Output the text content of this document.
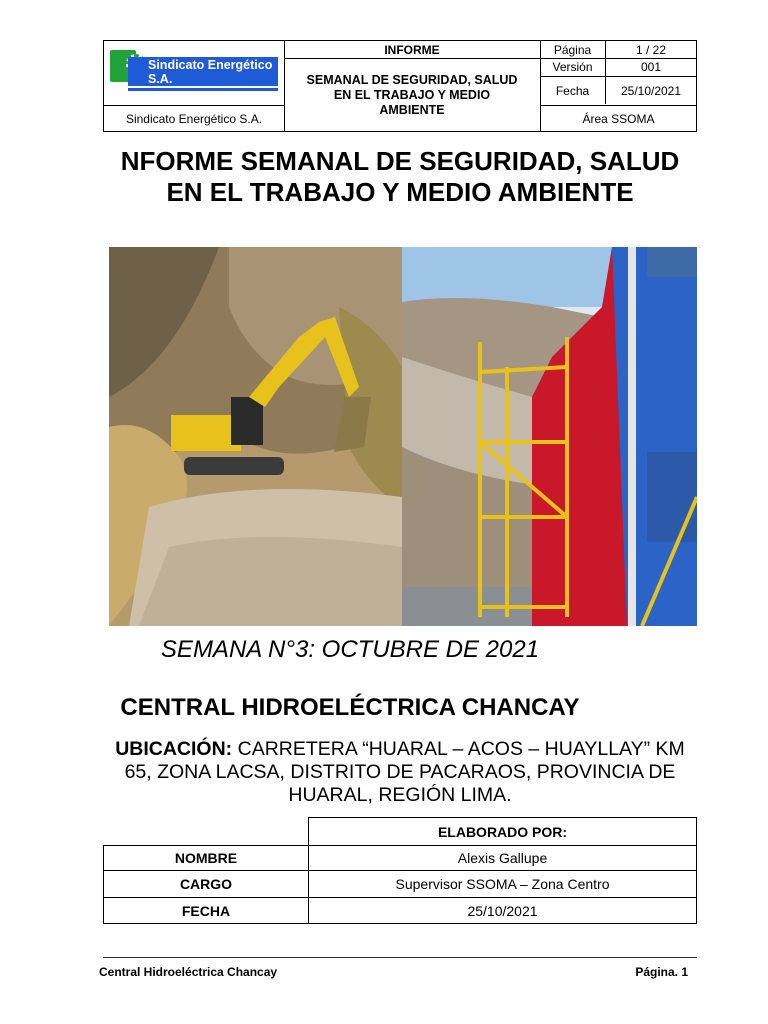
Sindicato Energético S.A.
Sindicato Energético S.A.
INFORME
SEMANAL DE SEGURIDAD, SALUD EN EL TRABAJO Y MEDIO AMBIENTE
Página	1 / 22
Versión	001
Fecha	25/10/2021
Área SSOMA
NFORME SEMANAL DE SEGURIDAD, SALUD EN EL TRABAJO Y MEDIO AMBIENTE
SEMANA N°3: OCTUBRE DE 2021
CENTRAL HIDROELÉCTRICA CHANCAY
UBICACIÓN: CARRETERA “HUARAL – ACOS – HUAYLLAY” KM 65, ZONA LACSA, DISTRITO DE PACARAOS, PROVINCIA DE HUARAL, REGIÓN LIMA.
ELABORADO POR:
NOMBRE	Alexis Gallupe
CARGO	Supervisor SSOMA – Zona Centro
FECHA	25/10/2021
Central Hidroeléctrica Chancay	Página. 1
